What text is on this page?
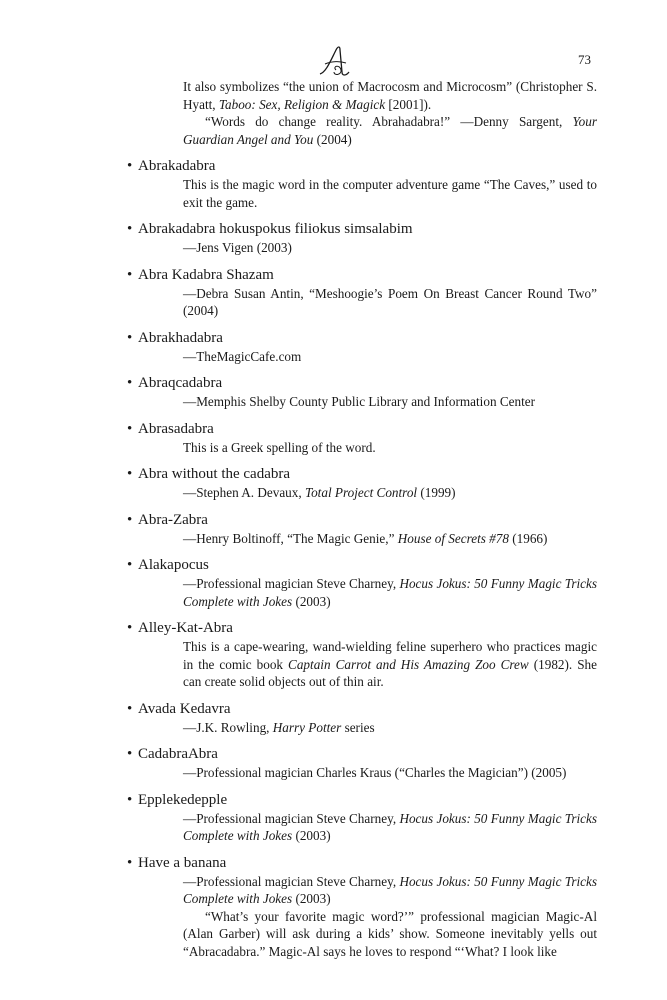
73

It also symbolizes “the union of Macrocosm and Microcosm” (Christopher S. Hyatt, Taboo: Sex, Religion & Magick [2001]).

“Words do change reality. Abrahadabra!” —Denny Sargent, Your Guardian Angel and You (2004)

• Abrakadabra

This is the magic word in the computer adventure game “The Caves,” used to exit the game.

• Abrakadabra hokuspokus filiokus simsalabim

—Jens Vigen (2003)

• Abra Kadabra Shazam

—Debra Susan Antin, “Meshoogie’s Poem On Breast Cancer Round Two” (2004)

• Abrakhadabra

—TheMagicCafe.com

• Abraqcadabra

—Memphis Shelby County Public Library and Information Center

• Abrasadabra

This is a Greek spelling of the word.

• Abra without the cadabra

—Stephen A. Devaux, Total Project Control (1999)

• Abra-Zabra

—Henry Boltinoff, “The Magic Genie,” House of Secrets #78 (1966)

• Alakapocus

—Professional magician Steve Charney, Hocus Jokus: 50 Funny Magic Tricks Complete with Jokes (2003)

• Alley-Kat-Abra

This is a cape-wearing, wand-wielding feline superhero who practices magic in the comic book Captain Carrot and His Amazing Zoo Crew (1982). She can create solid objects out of thin air.

• Avada Kedavra

—J.K. Rowling, Harry Potter series

• CadabraAbra

—Professional magician Charles Kraus (“Charles the Magician”) (2005)

• Epplekedepple

—Professional magician Steve Charney, Hocus Jokus: 50 Funny Magic Tricks Complete with Jokes (2003)

• Have a banana

—Professional magician Steve Charney, Hocus Jokus: 50 Funny Magic Tricks Complete with Jokes (2003)

“What’s your favorite magic word?’” professional magician Magic-Al (Alan Garber) will ask during a kids’ show. Someone inevitably yells out “Abracadabra.” Magic-Al says he loves to respond “‘What? I look like
